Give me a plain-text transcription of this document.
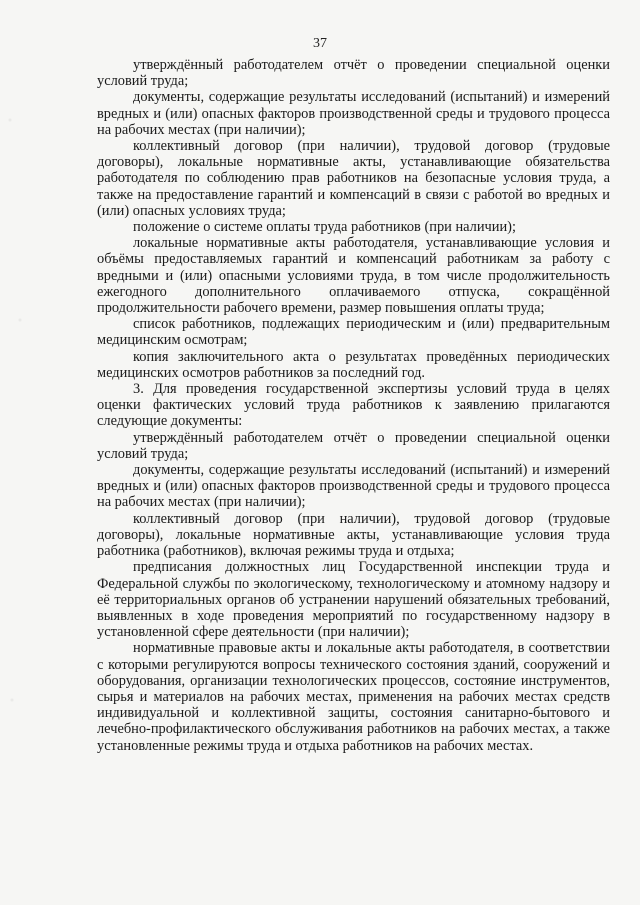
37

утверждённый работодателем отчёт о проведении специальной оценки условий труда;

документы, содержащие результаты исследований (испытаний) и измерений вредных и (или) опасных факторов производственной среды и трудового процесса на рабочих местах (при наличии);

коллективный договор (при наличии), трудовой договор (трудовые договоры), локальные нормативные акты, устанавливающие обязательства работодателя по соблюдению прав работников на безопасные условия труда, а также на предоставление гарантий и компенсаций в связи с работой во вредных и (или) опасных условиях труда;

положение о системе оплаты труда работников (при наличии);

локальные нормативные акты работодателя, устанавливающие условия и объёмы предоставляемых гарантий и компенсаций работникам за работу с вредными и (или) опасными условиями труда, в том числе продолжительность ежегодного дополнительного оплачиваемого отпуска, сокращённой продолжительности рабочего времени, размер повышения оплаты труда;

список работников, подлежащих периодическим и (или) предварительным медицинским осмотрам;

копия заключительного акта о результатах проведённых периодических медицинских осмотров работников за последний год.

3. Для проведения государственной экспертизы условий труда в целях оценки фактических условий труда работников к заявлению прилагаются следующие документы:

утверждённый работодателем отчёт о проведении специальной оценки условий труда;

документы, содержащие результаты исследований (испытаний) и измерений вредных и (или) опасных факторов производственной среды и трудового процесса на рабочих местах (при наличии);

коллективный договор (при наличии), трудовой договор (трудовые договоры), локальные нормативные акты, устанавливающие условия труда работника (работников), включая режимы труда и отдыха;

предписания должностных лиц Государственной инспекции труда и Федеральной службы по экологическому, технологическому и атомному надзору и её территориальных органов об устранении нарушений обязательных требований, выявленных в ходе проведения мероприятий по государственному надзору в установленной сфере деятельности (при наличии);

нормативные правовые акты и локальные акты работодателя, в соответствии с которыми регулируются вопросы технического состояния зданий, сооружений и оборудования, организации технологических процессов, состояние инструментов, сырья и материалов на рабочих местах, применения на рабочих местах средств индивидуальной и коллективной защиты, состояния санитарно-бытового и лечебно-профилактического обслуживания работников на рабочих местах, а также установленные режимы труда и отдыха работников на рабочих местах.
